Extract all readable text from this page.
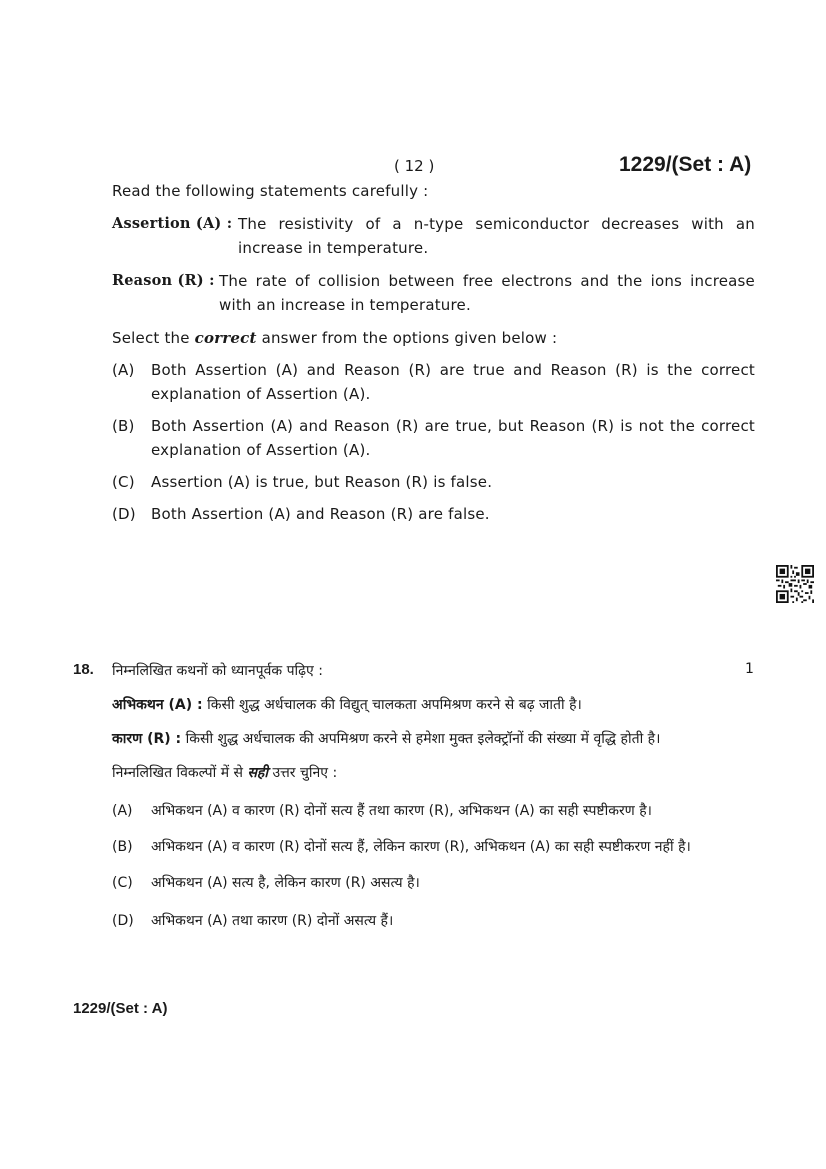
( 12 )	1229/(Set : A)
Read the following statements carefully :
Assertion (A) : The resistivity of a n-type semiconductor decreases with an increase in temperature.
Reason (R) : The rate of collision between free electrons and the ions increase with an increase in temperature.
Select the correct answer from the options given below :
(A)	Both Assertion (A) and Reason (R) are true and Reason (R) is the correct explanation of Assertion (A).
(B)	Both Assertion (A) and Reason (R) are true, but Reason (R) is not the correct explanation of Assertion (A).
(C)	Assertion (A) is true, but Reason (R) is false.
(D)	Both Assertion (A) and Reason (R) are false.
18.	1
निम्नलिखित कथनों को ध्यानपूर्वक पढ़िए :
अभिकथन (A) : किसी शुद्ध अर्धचालक की विद्युत् चालकता अपमिश्रण करने से बढ़ जाती है।
कारण (R) : किसी शुद्ध अर्धचालक की अपमिश्रण करने से हमेशा मुक्त इलेक्ट्रॉनों की संख्या में वृद्धि होती है।
निम्नलिखित विकल्पों में से सही उत्तर चुनिए :
(A)	अभिकथन (A) व कारण (R) दोनों सत्य हैं तथा कारण (R), अभिकथन (A) का सही स्पष्टीकरण है।
(B)	अभिकथन (A) व कारण (R) दोनों सत्य हैं, लेकिन कारण (R), अभिकथन (A) का सही स्पष्टीकरण नहीं है।
(C)	अभिकथन (A) सत्य है, लेकिन कारण (R) असत्य है।
(D)	अभिकथन (A) तथा कारण (R) दोनों असत्य हैं।
1229/(Set : A)
